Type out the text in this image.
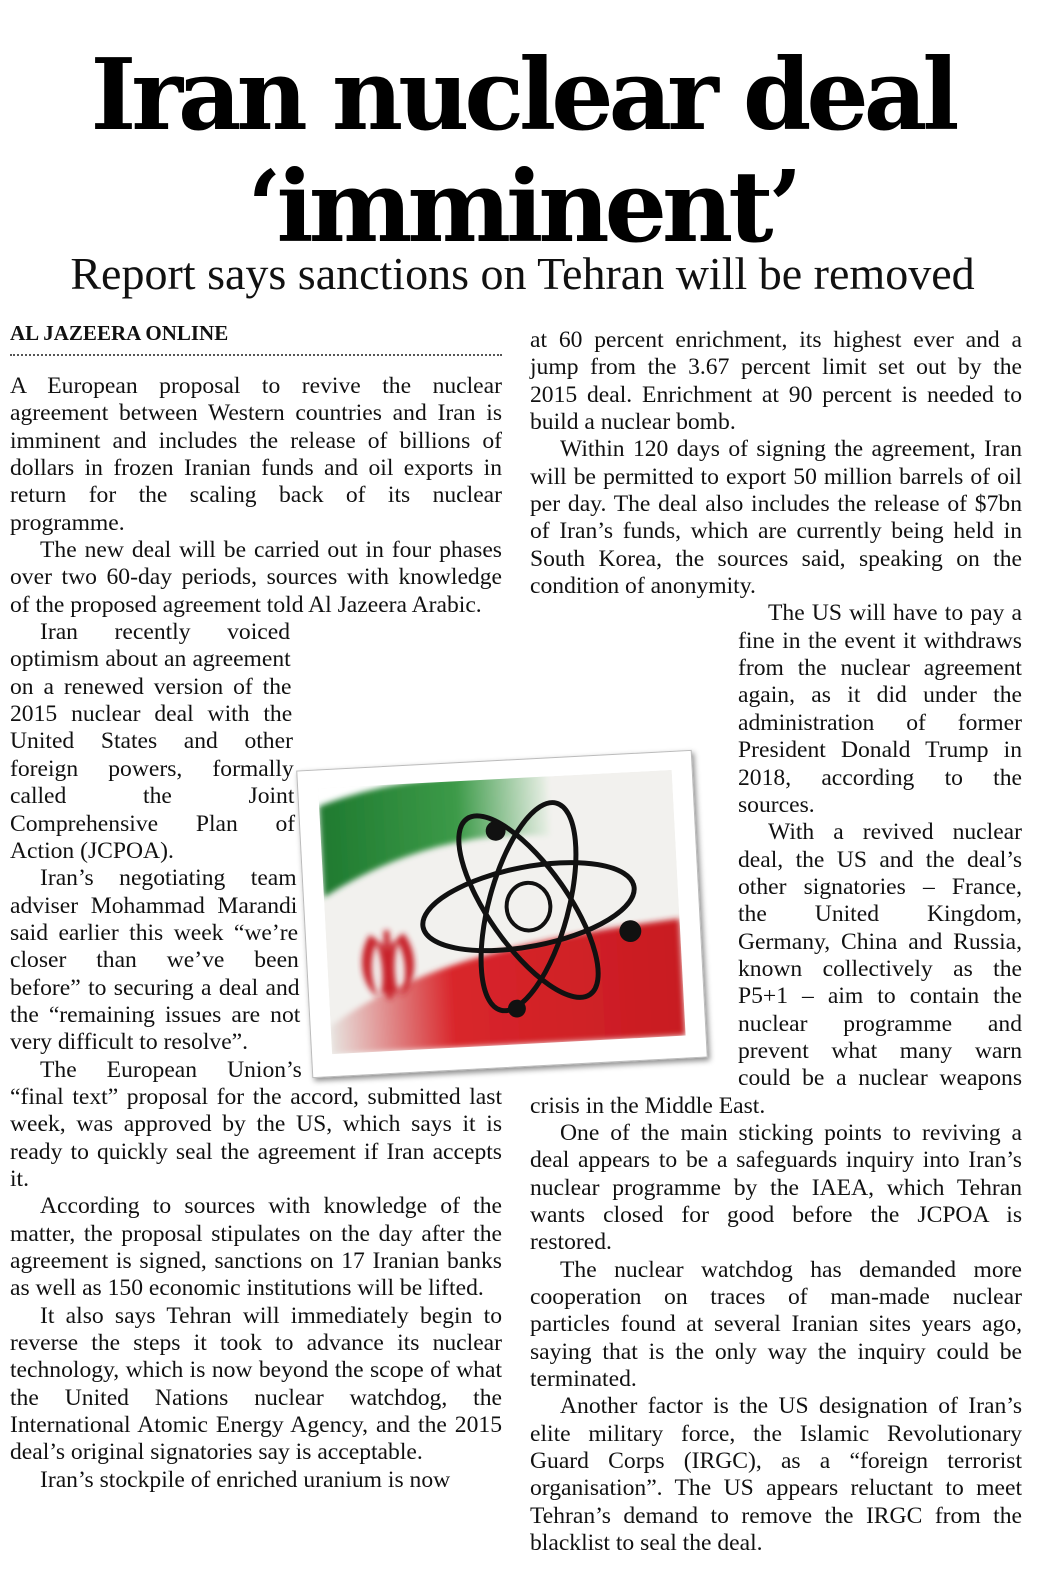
Iran nuclear deal
‘imminent’

Report says sanctions on Tehran will be removed

AL JAZEERA ONLINE

A European proposal to revive the nuclear agreement between Western countries and Iran is imminent and includes the release of billions of dollars in frozen Iranian funds and oil exports in return for the scaling back of its nuclear programme.

The new deal will be carried out in four phases over two 60-day periods, sources with knowledge of the proposed agreement told Al Jazeera Arabic.

Iran recently voiced optimism about an agreement on a renewed version of the 2015 nuclear deal with the United States and other foreign powers, formally called the Joint Comprehensive Plan of Action (JCPOA).

Iran’s negotiating team adviser Mohammad Marandi said earlier this week “we’re closer than we’ve been before” to securing a deal and the “remaining issues are not very difficult to resolve”.

The European Union’s “final text” proposal for the accord, submitted last week, was approved by the US, which says it is ready to quickly seal the agreement if Iran accepts it.

According to sources with knowledge of the matter, the proposal stipulates on the day after the agreement is signed, sanctions on 17 Iranian banks as well as 150 economic institutions will be lifted.

It also says Tehran will immediately begin to reverse the steps it took to advance its nuclear technology, which is now beyond the scope of what the United Nations nuclear watchdog, the International Atomic Energy Agency, and the 2015 deal’s original signatories say is acceptable.

Iran’s stockpile of enriched uranium is now

at 60 percent enrichment, its highest ever and a jump from the 3.67 percent limit set out by the 2015 deal. Enrichment at 90 percent is needed to build a nuclear bomb.

Within 120 days of signing the agreement, Iran will be permitted to export 50 million barrels of oil per day. The deal also includes the release of $7bn of Iran’s funds, which are currently being held in South Korea, the sources said, speaking on the condition of anonymity.

The US will have to pay a fine in the event it withdraws from the nuclear agreement again, as it did under the administration of former President Donald Trump in 2018, according to the sources.

With a revived nuclear deal, the US and the deal’s other signatories – France, the United Kingdom, Germany, China and Russia, known collectively as the P5+1 – aim to contain the nuclear programme and prevent what many warn could be a nuclear weapons crisis in the Middle East.

One of the main sticking points to reviving a deal appears to be a safeguards inquiry into Iran’s nuclear programme by the IAEA, which Tehran wants closed for good before the JCPOA is restored.

The nuclear watchdog has demanded more cooperation on traces of man-made nuclear particles found at several Iranian sites years ago, saying that is the only way the inquiry could be terminated.

Another factor is the US designation of Iran’s elite military force, the Islamic Revolutionary Guard Corps (IRGC), as a “foreign terrorist organisation”. The US appears reluctant to meet Tehran’s demand to remove the IRGC from the blacklist to seal the deal.
